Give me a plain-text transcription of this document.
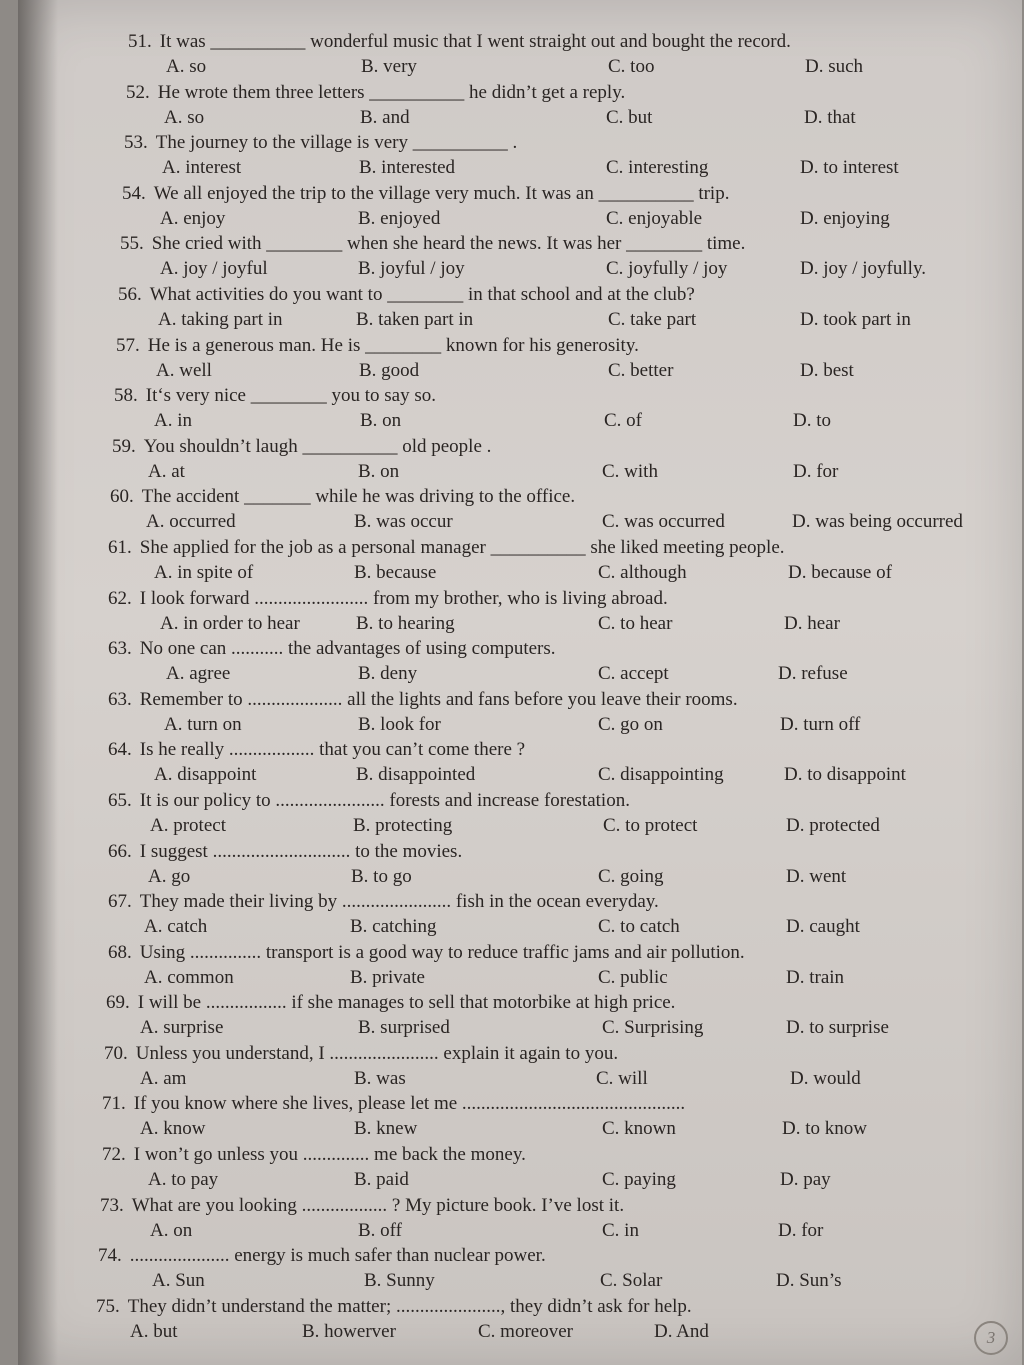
51. It was __________ wonderful music that I went straight out and bought the record.
A. so	B. very	C. too	D. such
52. He wrote them three letters __________ he didn’t get a reply.
A. so	B. and	C. but	D. that
53. The journey to the village is very __________ .
A. interest	B. interested	C. interesting	D. to interest
54. We all enjoyed the trip to the village very much. It was an __________ trip.
A. enjoy	B. enjoyed	C. enjoyable	D. enjoying
55. She cried with ________ when she heard the news. It was her ________ time.
A. joy / joyful	B. joyful / joy	C. joyfully / joy	D. joy / joyfully.
56. What activities do you want to ________ in that school and at the club?
A. taking part in	B. taken part in	C. take part	D. took part in
57. He is a generous man. He is ________ known for his generosity.
A. well	B. good	C. better	D. best
58. It‘s very nice ________ you to say so.
A. in	B. on	C. of	D. to
59. You shouldn’t laugh __________ old people .
A. at	B. on	C. with	D. for
60. The accident _______ while he was driving to the office.
A. occurred	B. was occur	C. was occurred	D. was being occurred
61. She applied for the job as a personal manager __________ she liked meeting people.
A. in spite of	B. because	C. although	D. because of
62. I look forward ........................ from my brother, who is living abroad.
A. in order to hear	B. to hearing	C. to hear	D. hear
63. No one can ........... the advantages of using computers.
A. agree	B. deny	C. accept	D. refuse
63. Remember to .................... all the lights and fans before you leave their rooms.
A. turn on	B. look for	C. go on	D. turn off
64. Is he really .................. that you can’t come there ?
A. disappoint	B. disappointed	C. disappointing	D. to disappoint
65. It is our policy to ....................... forests and increase forestation.
A. protect	B. protecting	C. to protect	D. protected
66. I suggest ............................. to the movies.
A. go	B. to go	C. going	D. went
67. They made their living by ....................... fish in the ocean everyday.
A. catch	B. catching	C. to catch	D. caught
68. Using ............... transport is a good way to reduce traffic jams and air pollution.
A. common	B. private	C. public	D. train
69. I will be ................. if she manages to sell that motorbike at high price.
A. surprise	B. surprised	C. Surprising	D. to surprise
70. Unless you understand, I ....................... explain it again to you.
A. am	B. was	C. will	D. would
71. If you know where she lives, please let me ...............................................
A. know	B. knew	C. known	D. to know
72. I won’t go unless you .............. me back the money.
A. to pay	B. paid	C. paying	D. pay
73. What are you looking .................. ? My picture book. I’ve lost it.
A. on	B. off	C. in	D. for
74. ..................... energy is much safer than nuclear power.
A. Sun	B. Sunny	C. Solar	D. Sun’s
75. They didn’t understand the matter; ......................, they didn’t ask for help.
A. but	B. howerver	C. moreover	D. And	3
